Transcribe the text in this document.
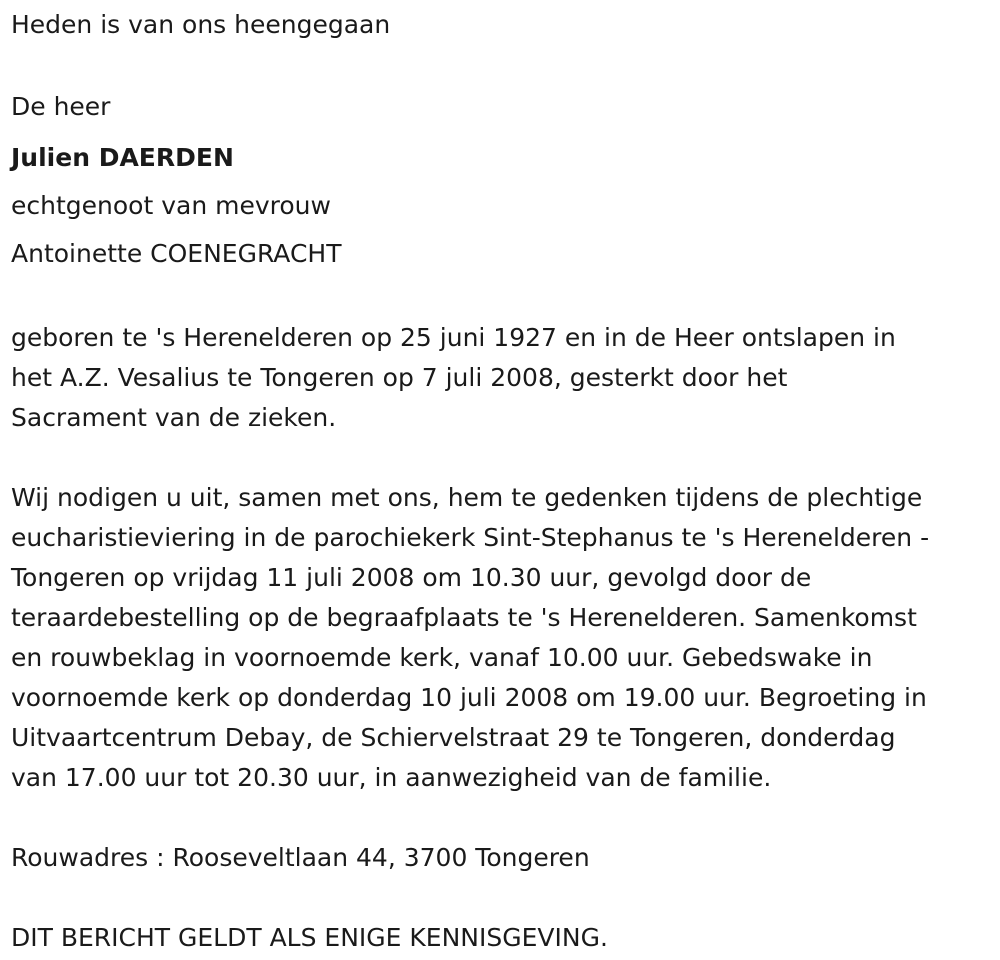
Heden is van ons heengegaan
De heer
Julien DAERDEN
echtgenoot van mevrouw
Antoinette COENEGRACHT
geboren te 's Herenelderen op 25 juni 1927 en in de Heer ontslapen in
het A.Z. Vesalius te Tongeren op 7 juli 2008, gesterkt door het
Sacrament van de zieken.
Wij nodigen u uit, samen met ons, hem te gedenken tijdens de plechtige
eucharistieviering in de parochiekerk Sint-Stephanus te 's Herenelderen -
Tongeren op vrijdag 11 juli 2008 om 10.30 uur, gevolgd door de
teraardebestelling op de begraafplaats te 's Herenelderen. Samenkomst
en rouwbeklag in voornoemde kerk, vanaf 10.00 uur. Gebedswake in
voornoemde kerk op donderdag 10 juli 2008 om 19.00 uur. Begroeting in
Uitvaartcentrum Debay, de Schiervelstraat 29 te Tongeren, donderdag
van 17.00 uur tot 20.30 uur, in aanwezigheid van de familie.
Rouwadres : Rooseveltlaan 44, 3700 Tongeren
DIT BERICHT GELDT ALS ENIGE KENNISGEVING.
